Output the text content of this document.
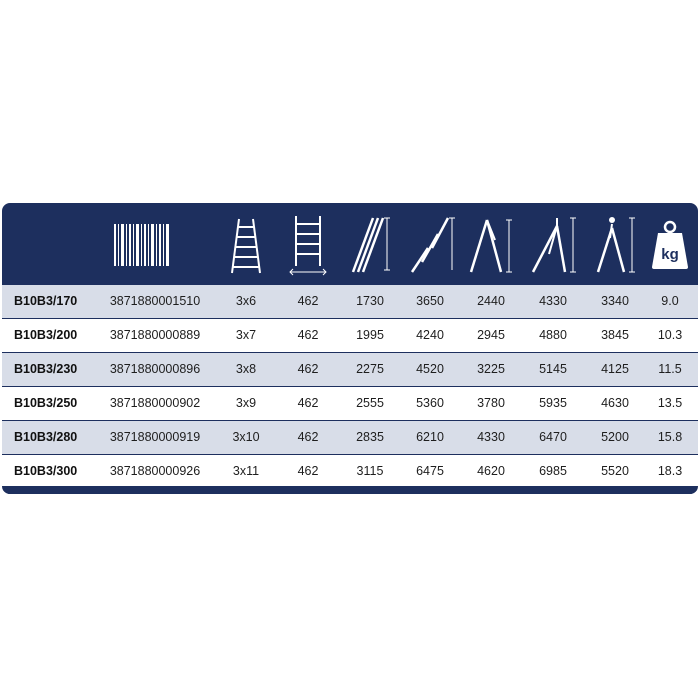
kg
B10B3/170	3871880001510	3x6	462	1730	3650	2440	4330	3340	9.0
B10B3/200	3871880000889	3x7	462	1995	4240	2945	4880	3845	10.3
B10B3/230	3871880000896	3x8	462	2275	4520	3225	5145	4125	11.5
B10B3/250	3871880000902	3x9	462	2555	5360	3780	5935	4630	13.5
B10B3/280	3871880000919	3x10	462	2835	6210	4330	6470	5200	15.8
B10B3/300	3871880000926	3x11	462	3115	6475	4620	6985	5520	18.3
